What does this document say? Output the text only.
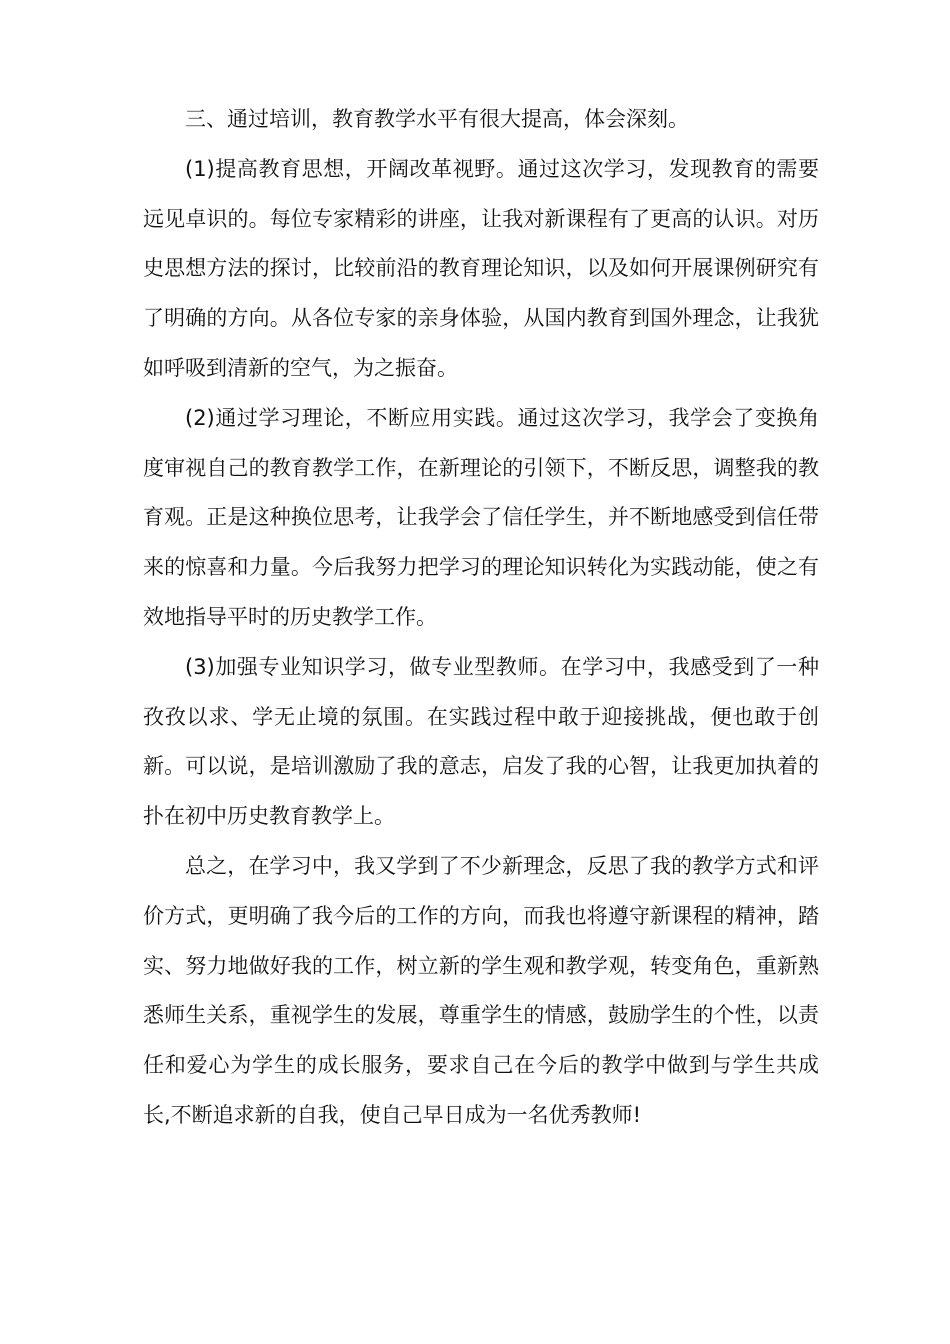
三、通过培训，教育教学水平有很大提高，体会深刻。

(1)提高教育思想，开阔改革视野。通过这次学习，发现教育的需要远见卓识的。每位专家精彩的讲座，让我对新课程有了更高的认识。对历史思想方法的探讨，比较前沿的教育理论知识，以及如何开展课例研究有了明确的方向。从各位专家的亲身体验，从国内教育到国外理念，让我犹如呼吸到清新的空气，为之振奋。

(2)通过学习理论，不断应用实践。通过这次学习，我学会了变换角度审视自己的教育教学工作，在新理论的引领下，不断反思，调整我的教育观。正是这种换位思考，让我学会了信任学生，并不断地感受到信任带来的惊喜和力量。今后我努力把学习的理论知识转化为实践动能，使之有效地指导平时的历史教学工作。

(3)加强专业知识学习，做专业型教师。在学习中，我感受到了一种孜孜以求、学无止境的氛围。在实践过程中敢于迎接挑战，便也敢于创新。可以说，是培训激励了我的意志，启发了我的心智，让我更加执着的扑在初中历史教育教学上。

总之，在学习中，我又学到了不少新理念，反思了我的教学方式和评价方式，更明确了我今后的工作的方向，而我也将遵守新课程的精神，踏实、努力地做好我的工作，树立新的学生观和教学观，转变角色，重新熟悉师生关系，重视学生的发展，尊重学生的情感，鼓励学生的个性，以责任和爱心为学生的成长服务，要求自己在今后的教学中做到与学生共成长,不断追求新的自我，使自己早日成为一名优秀教师!
